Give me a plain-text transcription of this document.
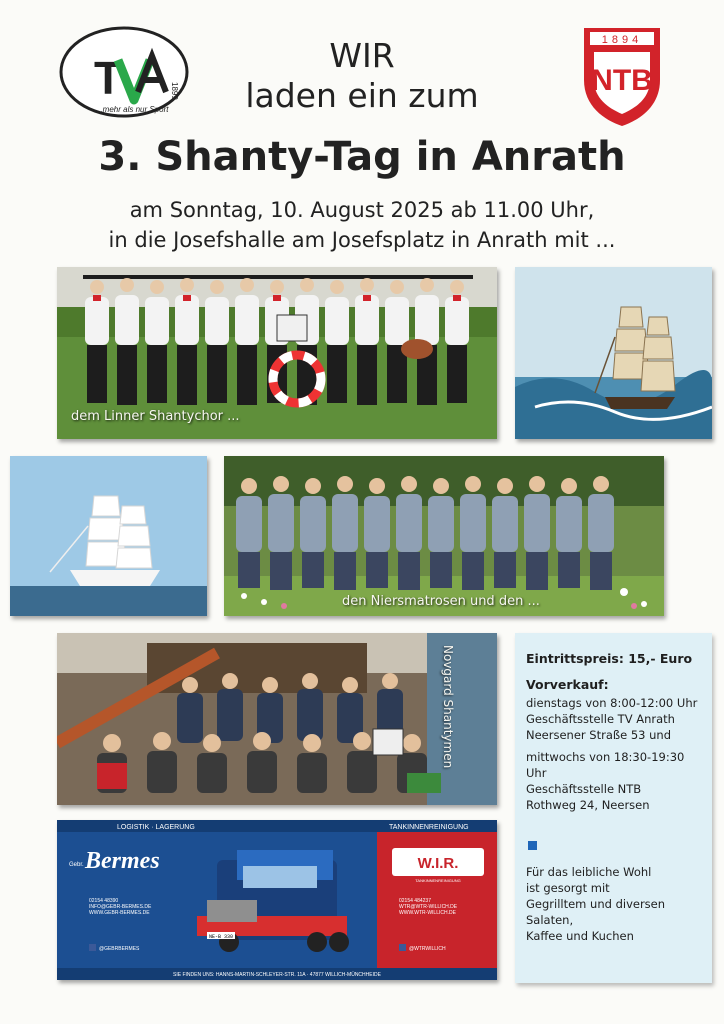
T	1899
...mehr als nur Sport
1894
NTB
WIR
laden ein zum
3. Shanty-Tag in Anrath
am Sonntag, 10. August 2025 ab 11.00 Uhr,
in die Josefshalle am Josefsplatz in Anrath mit ...
dem Linner Shantychor ...
den Niersmatrosen und den ...
Novgard Shantymen
LOGISTIK · LAGERUNG	TANKINNENREINIGUNG
Gebr. Bermes	W.I.R.
TANKINNENREINIGUNG
02154 48390
INFO@GEBR-BERMES.DE
WWW.GEBR-BERMES.DE
@GEBRBERMES
02154 484237
WTR@WTR-WILLICH.DE
WWW.WTR-WILLICH.DE
@WTRWILLICH
SIE FINDEN UNS: HANNS-MARTIN-SCHLEYER-STR. 11A · 47877 WILLICH-MÜNCHHEIDE
NE-B 330
Eintrittspreis: 15,- Euro
Vorverkauf:
dienstags von 8:00-12:00 Uhr
Geschäftsstelle TV Anrath
Neersener Straße 53 und
mittwochs von 18:30-19:30 Uhr
Geschäftsstelle NTB
Rothweg 24, Neersen
Für das leibliche Wohl
ist gesorgt mit
Gegrilltem und diversen
Salaten,
Kaffee und Kuchen
